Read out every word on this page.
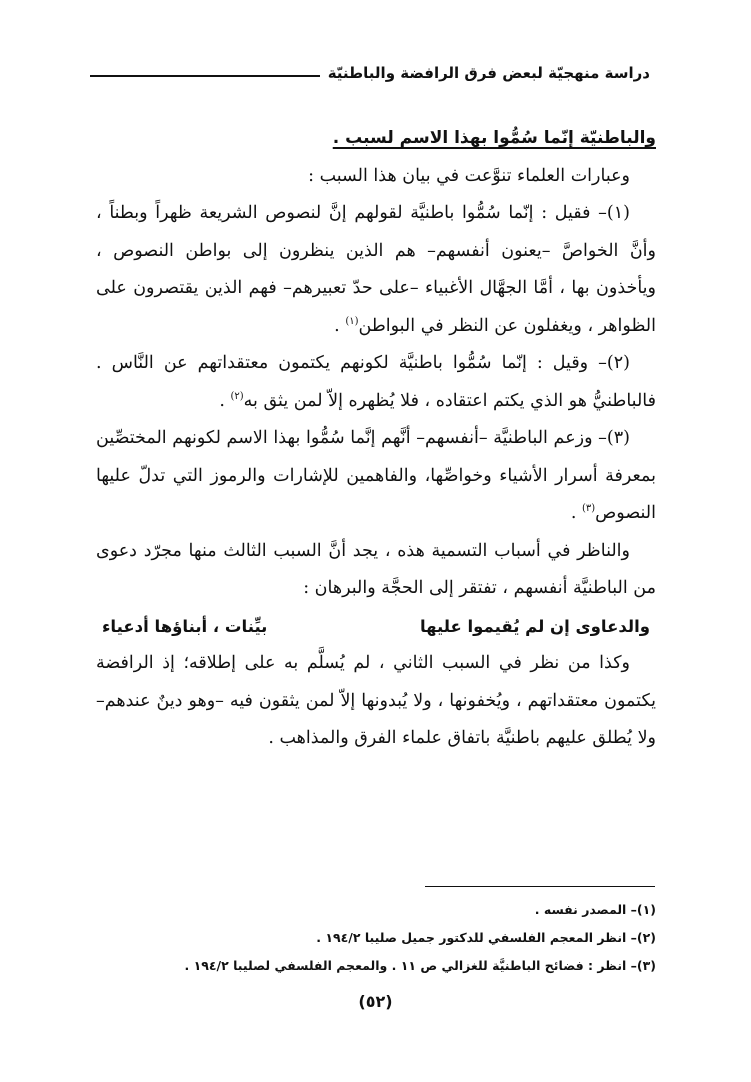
دراسة منهجيّة لبعض فرق الرافضة والباطنيّة

والباطنيّة إنّما سُمُّوا بهذا الاسم لسبب .

وعبارات العلماء تنوَّعت في بيان هذا السبب :

(١)– فقيل : إنّما سُمُّوا باطنيَّة لقولهم إنَّ لنصوص الشريعة ظهراً وبطناً ، وأنَّ الخواصَّ –يعنون أنفسهم– هم الذين ينظرون إلى بواطن النصوص ، ويأخذون بها ، أمَّا الجهَّال الأغبياء –على حدّ تعبيرهم– فهم الذين يقتصرون على الظواهر ، ويغفلون عن النظر في البواطن$^{(١)}$ .

(٢)– وقيل : إنّما سُمُّوا باطنيَّة لكونهم يكتمون معتقداتهم عن النَّاس . فالباطنيُّ هو الذي يكتم اعتقاده ، فلا يُظهره إلاّ لمن يثق به$^{(٢)}$ .

(٣)– وزعم الباطنيَّة –أنفسهم– أنَّهم إنَّما سُمُّوا بهذا الاسم لكونهم المختصِّين بمعرفة أسرار الأشياء وخواصِّها، والفاهمين للإشارات والرموز التي تدلّ عليها النصوص$^{(٣)}$ .

والناظر في أسباب التسمية هذه ، يجد أنَّ السبب الثالث منها مجرّد دعوى من الباطنيَّة أنفسهم ، تفتقر إلى الحجَّة والبرهان :

والدعاوى إن لم يُقيموا عليها
بيِّنات ، أبناؤها أدعياء

وكذا من نظر في السبب الثاني ، لم يُسلَّم به على إطلاقه؛ إذ الرافضة يكتمون معتقداتهم ، ويُخفونها ، ولا يُبدونها إلاّ لمن يثقون فيه –وهو دينٌ عندهم– ولا يُطلق عليهم باطنيَّة باتفاق علماء الفرق والمذاهب .

(١)– المصدر نفسه .
(٢)– انظر المعجم الفلسفي للدكتور جميل صليبا ١٩٤/٢ .
(٣)– انظر : فضائح الباطنيَّة للغزالي ص ١١ . والمعجم الفلسفي لصليبا ١٩٤/٢ .
(٥٢)
